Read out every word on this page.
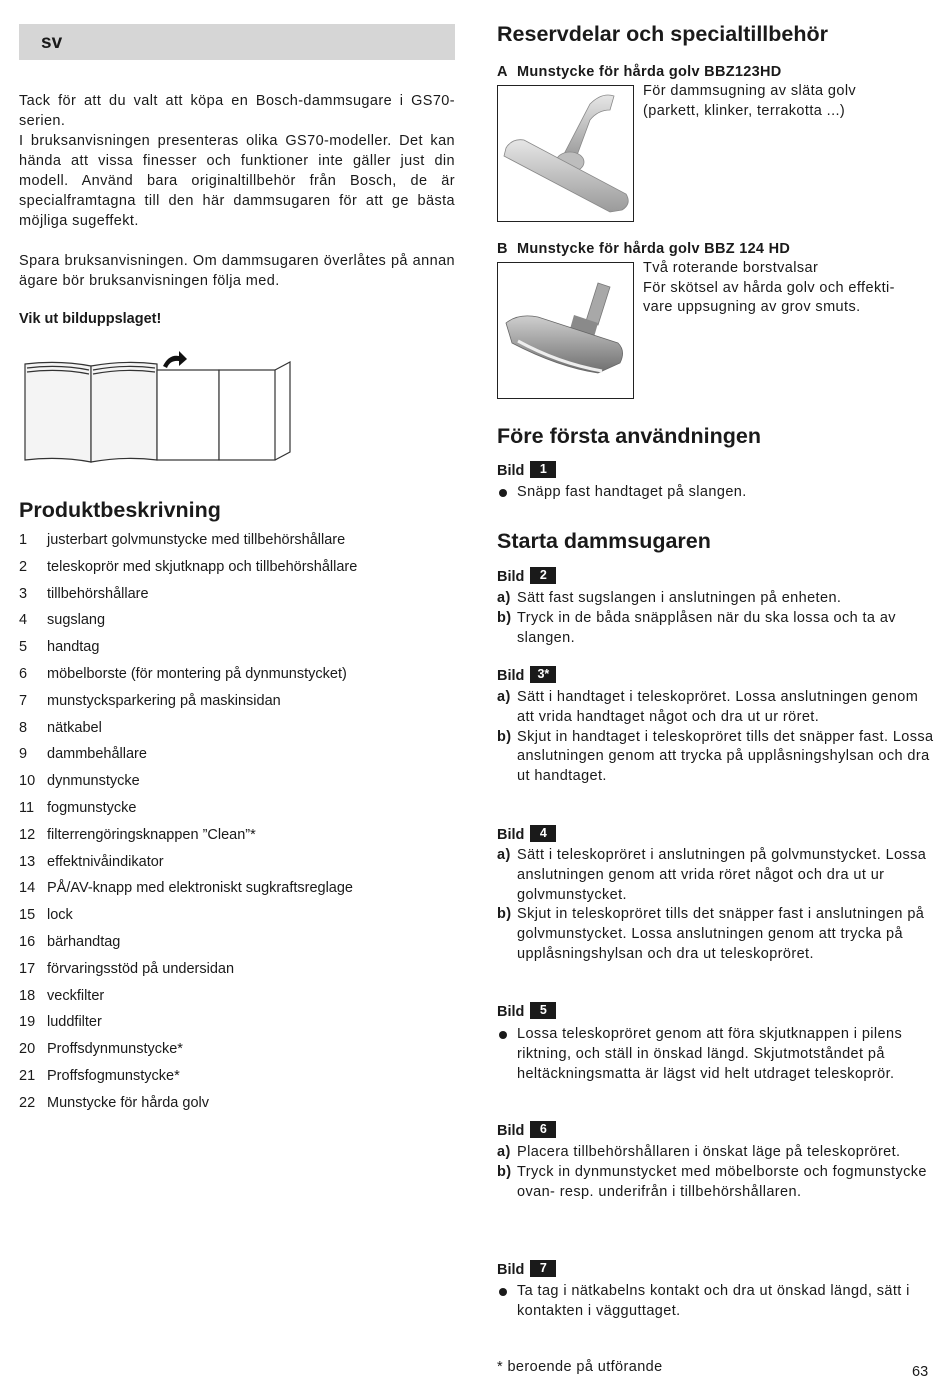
sv

Tack för att du valt att köpa en Bosch-dammsugare i GS70-serien.

I bruksanvisningen presenteras olika GS70-modeller. Det kan hända att vissa finesser och funktioner inte gäller just din modell. Använd bara originaltillbehör från Bosch, de är specialframtagna till den här dammsugaren för att ge bästa möjliga sugeffekt.

Spara bruksanvisningen. Om dammsugaren överlåtes på annan ägare bör bruksanvisningen följa med.

Vik ut bilduppslaget!
Produktbeskrivning
1	justerbart golvmunstycke med tillbehörshållare
2	teleskoprör med skjutknapp och tillbehörshållare
3	tillbehörshållare
4	sugslang
5	handtag
6	möbelborste (för montering på dynmunstycket)
7	munstycksparkering på maskinsidan
8	nätkabel
9	dammbehållare
10 dynmunstycke
11 fogmunstycke
12 filterrengöringsknappen ”Clean”*
13 effektnivåindikator
14 PÅ/AV-knapp med elektroniskt sugkraftsreglage
15 lock
16 bärhandtag
17 förvaringsstöd på undersidan
18 veckfilter
19 luddfilter
20 Proffsdynmunstycke*
21 Proffsfogmunstycke*
22 Munstycke för hårda golv
Reservdelar och specialtillbehör
A Munstycke för hårda golv BBZ123HD
För dammsugning av släta golv
(parkett, klinker, terrakotta ...)
B Munstycke för hårda golv BBZ 124 HD
Två roterande borstvalsar
För skötsel av hårda golv och effekti-
vare uppsugning av grov smuts.
Före första användningen
Bild 1
Snäpp fast handtaget på slangen.
Starta dammsugaren
Bild 2
a) Sätt fast sugslangen i anslutningen på enheten.
b) Tryck in de båda snäpplåsen när du ska lossa och ta av slangen.
Bild 3*
a) Sätt i handtaget i teleskopröret. Lossa anslutningen genom att vrida handtaget något och dra ut ur röret.
b) Skjut in handtaget i teleskopröret tills det snäpper fast. Lossa anslutningen genom att trycka på upplåsningshylsan och dra ut handtaget.
Bild 4
a) Sätt i teleskopröret i anslutningen på golvmunstycket. Lossa anslutningen genom att vrida röret något och dra ut ur golvmunstycket.
b) Skjut in teleskopröret tills det snäpper fast i anslutningen på golvmunstycket. Lossa anslutningen genom att trycka på upplåsningshylsan och dra ut teleskopröret.
Bild 5
Lossa teleskopröret genom att föra skjutknappen i pilens riktning, och ställ in önskad längd. Skjutmotståndet på heltäckningsmatta är lägst vid helt utdraget teleskoprör.
Bild 6
a) Placera tillbehörshållaren i önskat läge på teleskopröret.
b) Tryck in dynmunstycket med möbelborste och fogmunstycke ovan- resp. underifrån i tillbehörshållaren.
Bild 7
Ta tag i nätkabelns kontakt och dra ut önskad längd, sätt i kontakten i vägguttaget.
* beroende på utförande	63
